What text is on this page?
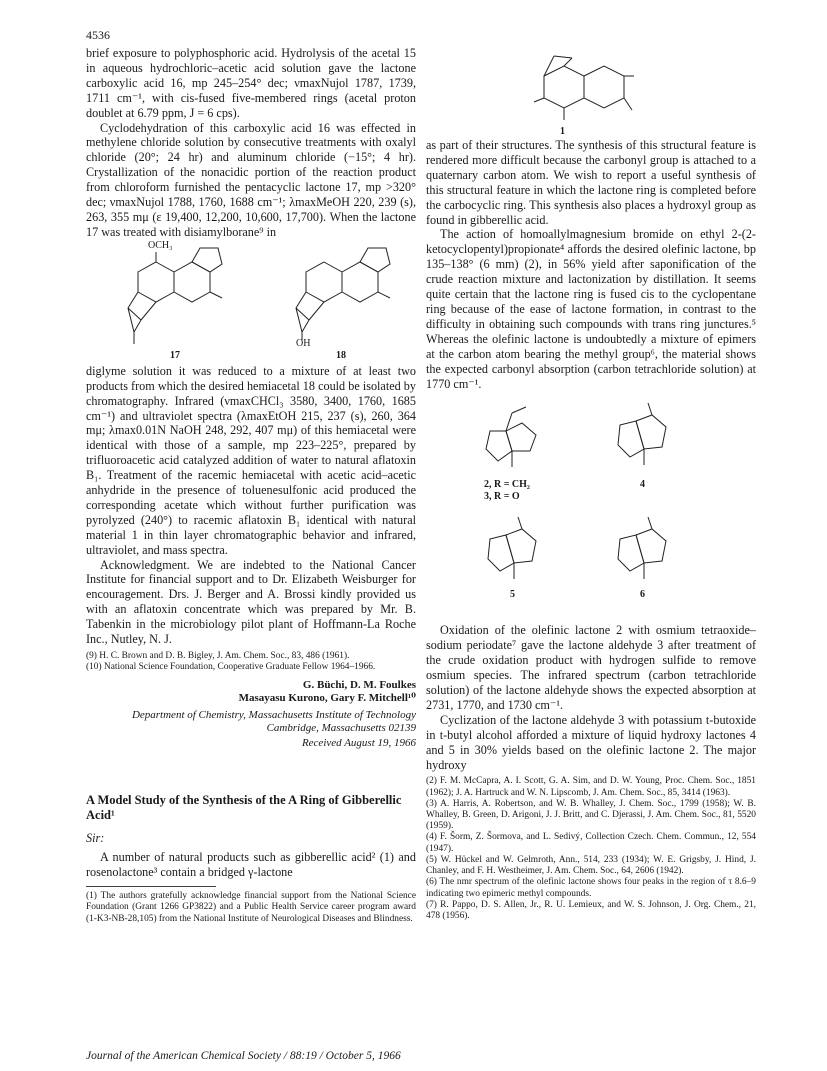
4536

brief exposure to polyphosphoric acid. Hydrolysis of the acetal 15 in aqueous hydrochloric–acetic acid solution gave the lactone carboxylic acid 16, mp 245–254° dec; νmaxNujol 1787, 1739, 1711 cm⁻¹, with cis-fused five-membered rings (acetal proton doublet at 6.79 ppm, J = 6 cps).

Cyclodehydration of this carboxylic acid 16 was effected in methylene chloride solution by consecutive treatments with oxalyl chloride (20°; 24 hr) and aluminum chloride (−15°; 4 hr). Crystallization of the nonacidic portion of the reaction product from chloroform furnished the pentacyclic lactone 17, mp >320° dec; νmaxNujol 1788, 1760, 1688 cm⁻¹; λmaxMeOH 220, 239 (s), 263, 355 mμ (ε 19,400, 12,200, 10,600, 17,700). When the lactone 17 was treated with disiamylborane⁹ in

OCH₃
OH
17	18

diglyme solution it was reduced to a mixture of at least two products from which the desired hemiacetal 18 could be isolated by chromatography. Infrared (νmaxCHCl₃ 3580, 3400, 1760, 1685 cm⁻¹) and ultraviolet spectra (λmaxEtOH 215, 237 (s), 260, 364 mμ; λmax0.01N NaOH 248, 292, 407 mμ) of this hemiacetal were identical with those of a sample, mp 223–225°, prepared by trifluoroacetic acid catalyzed addition of water to natural aflatoxin B₁. Treatment of the racemic hemiacetal with acetic acid–acetic anhydride in the presence of toluenesulfonic acid produced the corresponding acetate which without further purification was pyrolyzed (240°) to racemic aflatoxin B₁ identical with natural material 1 in thin layer chromatographic behavior and infrared, ultraviolet, and mass spectra.

Acknowledgment. We are indebted to the National Cancer Institute for financial support and to Dr. Elizabeth Weisburger for encouragement. Drs. J. Berger and A. Brossi kindly provided us with an aflatoxin concentrate which was prepared by Mr. B. Tabenkin in the microbiology pilot plant of Hoffmann-La Roche Inc., Nutley, N. J.

(9) H. C. Brown and D. B. Bigley, J. Am. Chem. Soc., 83, 486 (1961).

(10) National Science Foundation, Cooperative Graduate Fellow 1964–1966.

G. Büchi, D. M. Foulkes
Masayasu Kurono, Gary F. Mitchell¹⁰
Department of Chemistry, Massachusetts Institute of Technology
Cambridge, Massachusetts 02139
Received August 19, 1966
A Model Study of the Synthesis of the A Ring of Gibberellic Acid¹
Sir:

A number of natural products such as gibberellic acid² (1) and rosenolactone³ contain a bridged γ-lactone

(1) The authors gratefully acknowledge financial support from the National Science Foundation (Grant 1266 GP3822) and a Public Health Service career program award (1-K3-NB-28,105) from the National Institute of Neurological Diseases and Blindness.

1

as part of their structures. The synthesis of this structural feature is rendered more difficult because the carbonyl group is attached to a quaternary carbon atom. We wish to report a useful synthesis of this structural feature in which the lactone ring is completed before the carbocyclic ring. This synthesis also places a hydroxyl group as found in gibberellic acid.

The action of homoallylmagnesium bromide on ethyl 2-(2-ketocyclopentyl)propionate⁴ affords the desired olefinic lactone, bp 135–138° (6 mm) (2), in 56% yield after saponification of the crude reaction mixture and lactonization by distillation. It seems quite certain that the lactone ring is fused cis to the cyclopentane ring because of the ease of lactone formation, in contrast to the difficulty in obtaining such compounds with trans ring junctures.⁵ Whereas the olefinic lactone is undoubtedly a mixture of epimers at the carbon atom bearing the methyl group⁶, the material shows the expected carbonyl absorption (carbon tetrachloride solution) at 1770 cm⁻¹.

2, R = CH₂
3, R = O
4
5	6

Oxidation of the olefinic lactone 2 with osmium tetraoxide–sodium periodate⁷ gave the lactone aldehyde 3 after treatment of the crude oxidation product with hydrogen sulfide to remove osmium species. The infrared spectrum (carbon tetrachloride solution) of the lactone aldehyde shows the expected absorption at 2731, 1770, and 1730 cm⁻¹.

Cyclization of the lactone aldehyde 3 with potassium t-butoxide in t-butyl alcohol afforded a mixture of liquid hydroxy lactones 4 and 5 in 30% yields based on the olefinic lactone 2. The major hydroxy

(2) F. M. McCapra, A. I. Scott, G. A. Sim, and D. W. Young, Proc. Chem. Soc., 1851 (1962); J. A. Hartruck and W. N. Lipscomb, J. Am. Chem. Soc., 85, 3414 (1963).

(3) A. Harris, A. Robertson, and W. B. Whalley, J. Chem. Soc., 1799 (1958); W. B. Whalley, B. Green, D. Arigoni, J. J. Britt, and C. Djerassi, J. Am. Chem. Soc., 81, 5520 (1959).

(4) F. Šorm, Z. Šormova, and L. Sedivý, Collection Czech. Chem. Commun., 12, 554 (1947).

(5) W. Hückel and W. Gelmroth, Ann., 514, 233 (1934); W. E. Grigsby, J. Hind, J. Chanley, and F. H. Westheimer, J. Am. Chem. Soc., 64, 2606 (1942).

(6) The nmr spectrum of the olefinic lactone shows four peaks in the region of τ 8.6–9 indicating two epimeric methyl compounds.

(7) R. Pappo, D. S. Allen, Jr., R. U. Lemieux, and W. S. Johnson, J. Org. Chem., 21, 478 (1956).

Journal of the American Chemical Society / 88:19 / October 5, 1966
